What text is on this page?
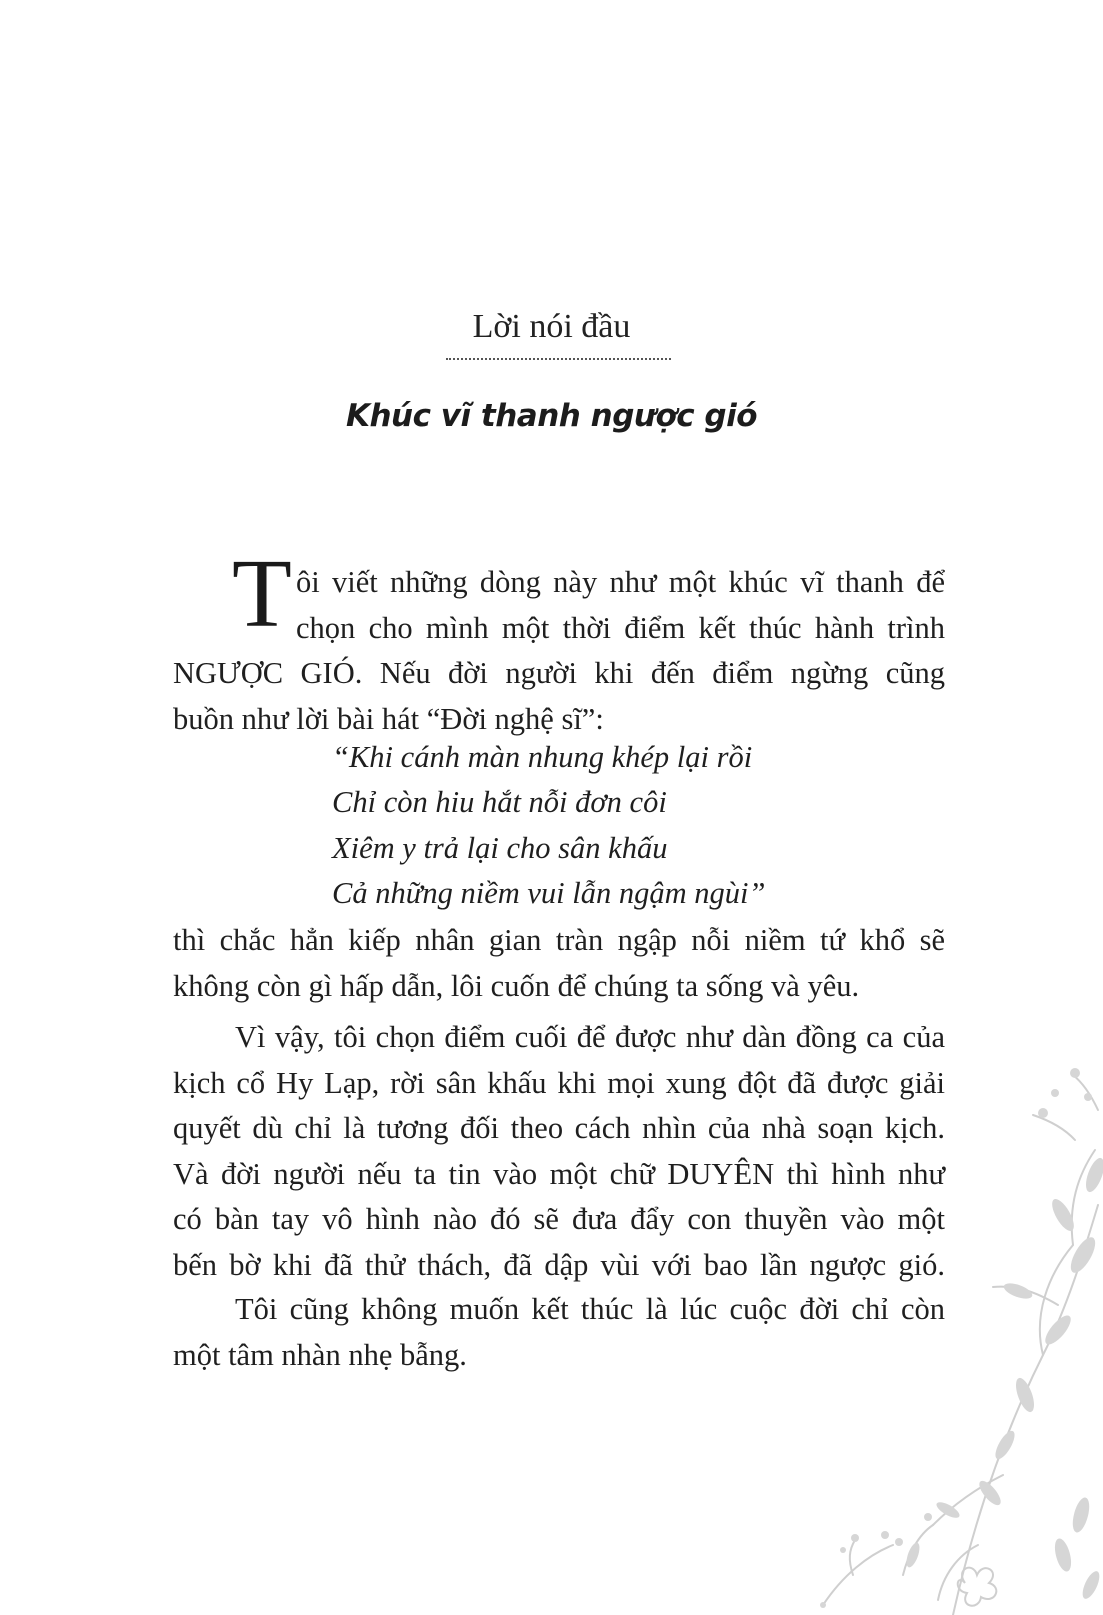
Lời nói đầu
Khúc vĩ thanh ngược gió
T ôi viết những dòng này như một khúc vĩ thanh để
chọn cho mình một thời điểm kết thúc hành trình
NGƯỢC GIÓ. Nếu đời người khi đến điểm ngừng cũng
buồn như lời bài hát “Đời nghệ sĩ”:
“Khi cánh màn nhung khép lại rồi
Chỉ còn hiu hắt nỗi đơn côi
Xiêm y trả lại cho sân khấu
Cả những niềm vui lẫn ngậm ngùi”
thì chắc hẳn kiếp nhân gian tràn ngập nỗi niềm tứ khổ sẽ
không còn gì hấp dẫn, lôi cuốn để chúng ta sống và yêu.
Vì vậy, tôi chọn điểm cuối để được như dàn đồng ca của
kịch cổ Hy Lạp, rời sân khấu khi mọi xung đột đã được giải
quyết dù chỉ là tương đối theo cách nhìn của nhà soạn kịch.
Và đời người nếu ta tin vào một chữ DUYÊN thì hình như
có bàn tay vô hình nào đó sẽ đưa đẩy con thuyền vào một
bến bờ khi đã thử thách, đã dập vùi với bao lần ngược gió.
Tôi cũng không muốn kết thúc là lúc cuộc đời chỉ còn
một tâm nhàn nhẹ bẫng.
